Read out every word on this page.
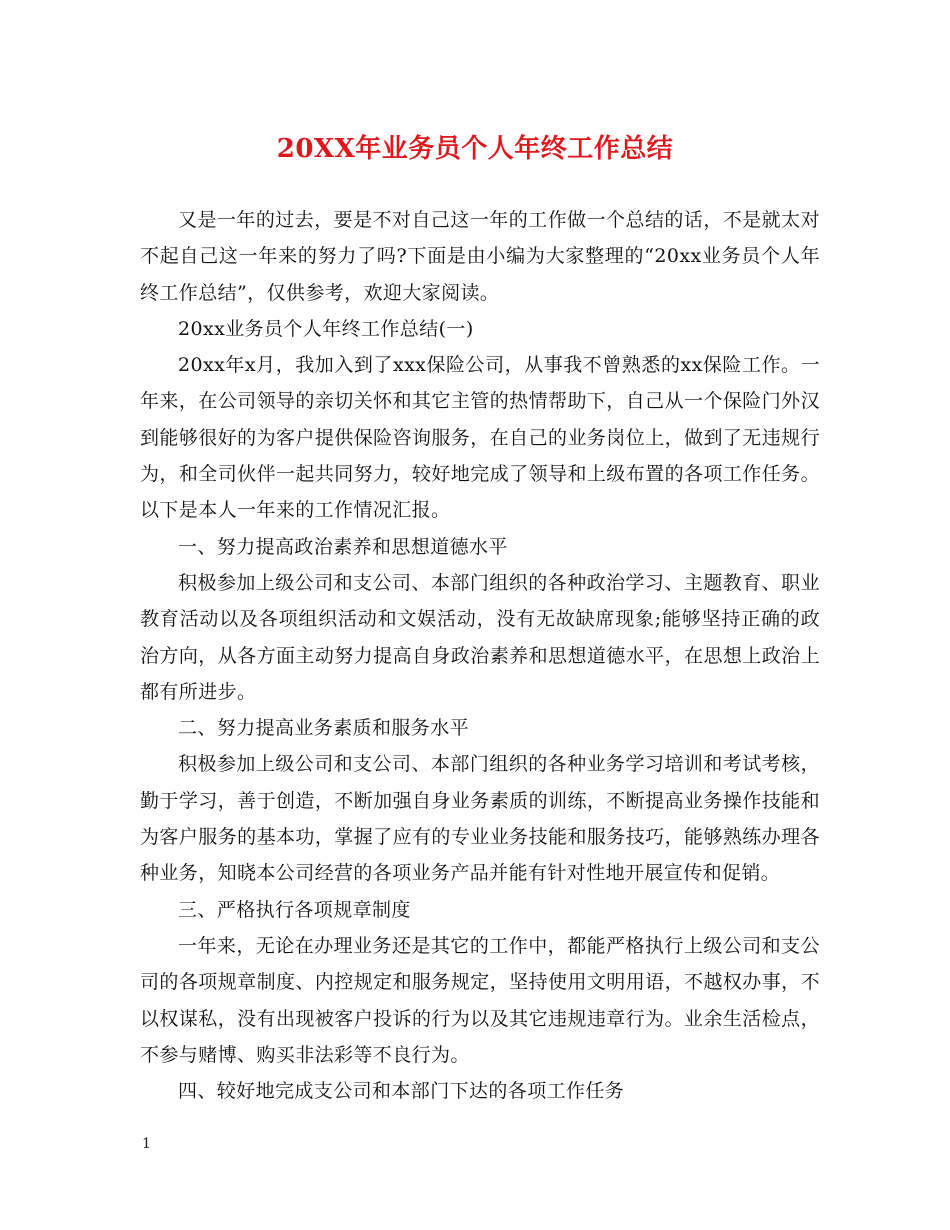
20XX年业务员个人年终工作总结

又是一年的过去，要是不对自己这一年的工作做一个总结的话，不是就太对不起自己这一年来的努力了吗?下面是由小编为大家整理的“20xx业务员个人年终工作总结”，仅供参考，欢迎大家阅读。

20xx业务员个人年终工作总结(一)

20xx年x月，我加入到了xxx保险公司，从事我不曾熟悉的xx保险工作。一年来，在公司领导的亲切关怀和其它主管的热情帮助下，自己从一个保险门外汉到能够很好的为客户提供保险咨询服务，在自己的业务岗位上，做到了无违规行为，和全司伙伴一起共同努力，较好地完成了领导和上级布置的各项工作任务。以下是本人一年来的工作情况汇报。

一、努力提高政治素养和思想道德水平

积极参加上级公司和支公司、本部门组织的各种政治学习、主题教育、职业教育活动以及各项组织活动和文娱活动，没有无故缺席现象;能够坚持正确的政治方向，从各方面主动努力提高自身政治素养和思想道德水平，在思想上政治上都有所进步。

二、努力提高业务素质和服务水平

积极参加上级公司和支公司、本部门组织的各种业务学习培训和考试考核，勤于学习，善于创造，不断加强自身业务素质的训练，不断提高业务操作技能和为客户服务的基本功，掌握了应有的专业业务技能和服务技巧，能够熟练办理各种业务，知晓本公司经营的各项业务产品并能有针对性地开展宣传和促销。

三、严格执行各项规章制度

一年来，无论在办理业务还是其它的工作中，都能严格执行上级公司和支公司的各项规章制度、内控规定和服务规定，坚持使用文明用语，不越权办事，不以权谋私，没有出现被客户投诉的行为以及其它违规违章行为。业余生活检点，不参与赌博、购买非法彩等不良行为。

四、较好地完成支公司和本部门下达的各项工作任务

1
